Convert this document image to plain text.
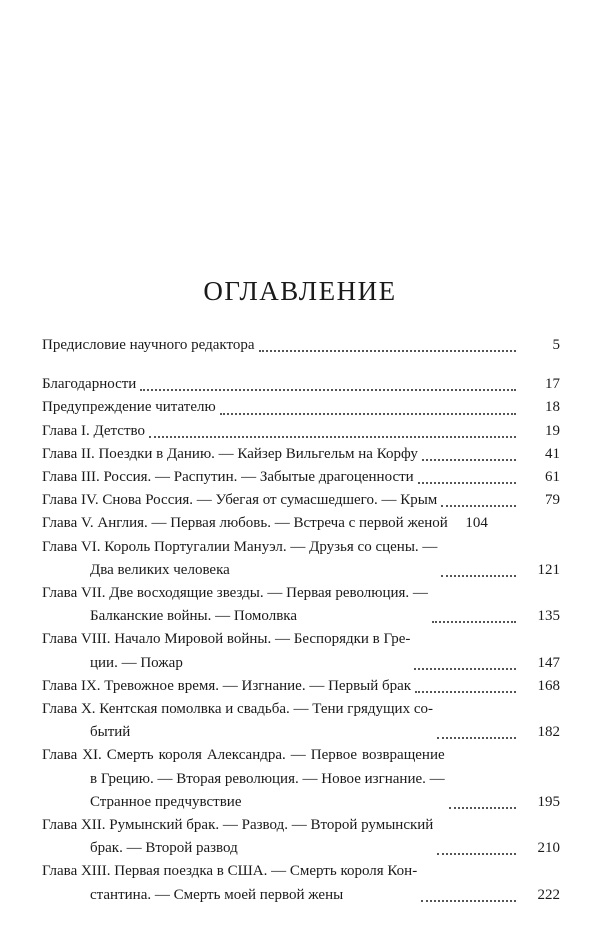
ОГЛАВЛЕНИЕ
Предисловие научного редактора	5
Благодарности	17
Предупреждение читателю	18
Глава I. Детство	19
Глава II. Поездки в Данию. — Кайзер Вильгельм на Корфу	41
Глава III. Россия. — Распутин. — Забытые драгоценности	61
Глава IV. Снова Россия. — Убегая от сумасшедшего. — Крым	79
Глава V. Англия. — Первая любовь. — Встреча с первой женой	104
Глава VI. Король Португалии Мануэл. — Друзья со сцены. —
Два великих человека	121
Глава VII. Две восходящие звезды. — Первая революция. —
Балканские войны. — Помолвка	135
Глава VIII. Начало Мировой войны. — Беспорядки в Гре-
ции. — Пожар	147
Глава IX. Тревожное время. — Изгнание. — Первый брак	168
Глава X. Кентская помолвка и свадьба. — Тени грядущих со-
бытий	182
Глава XI. Смерть короля Александра. — Первое возвращение
в Грецию. — Вторая революция. — Новое изгнание. —
Странное предчувствие	195
Глава XII. Румынский брак. — Развод. — Второй румынский
брак. — Второй развод	210
Глава XIII. Первая поездка в США. — Смерть короля Кон-
стантина. — Смерть моей первой жены	222
